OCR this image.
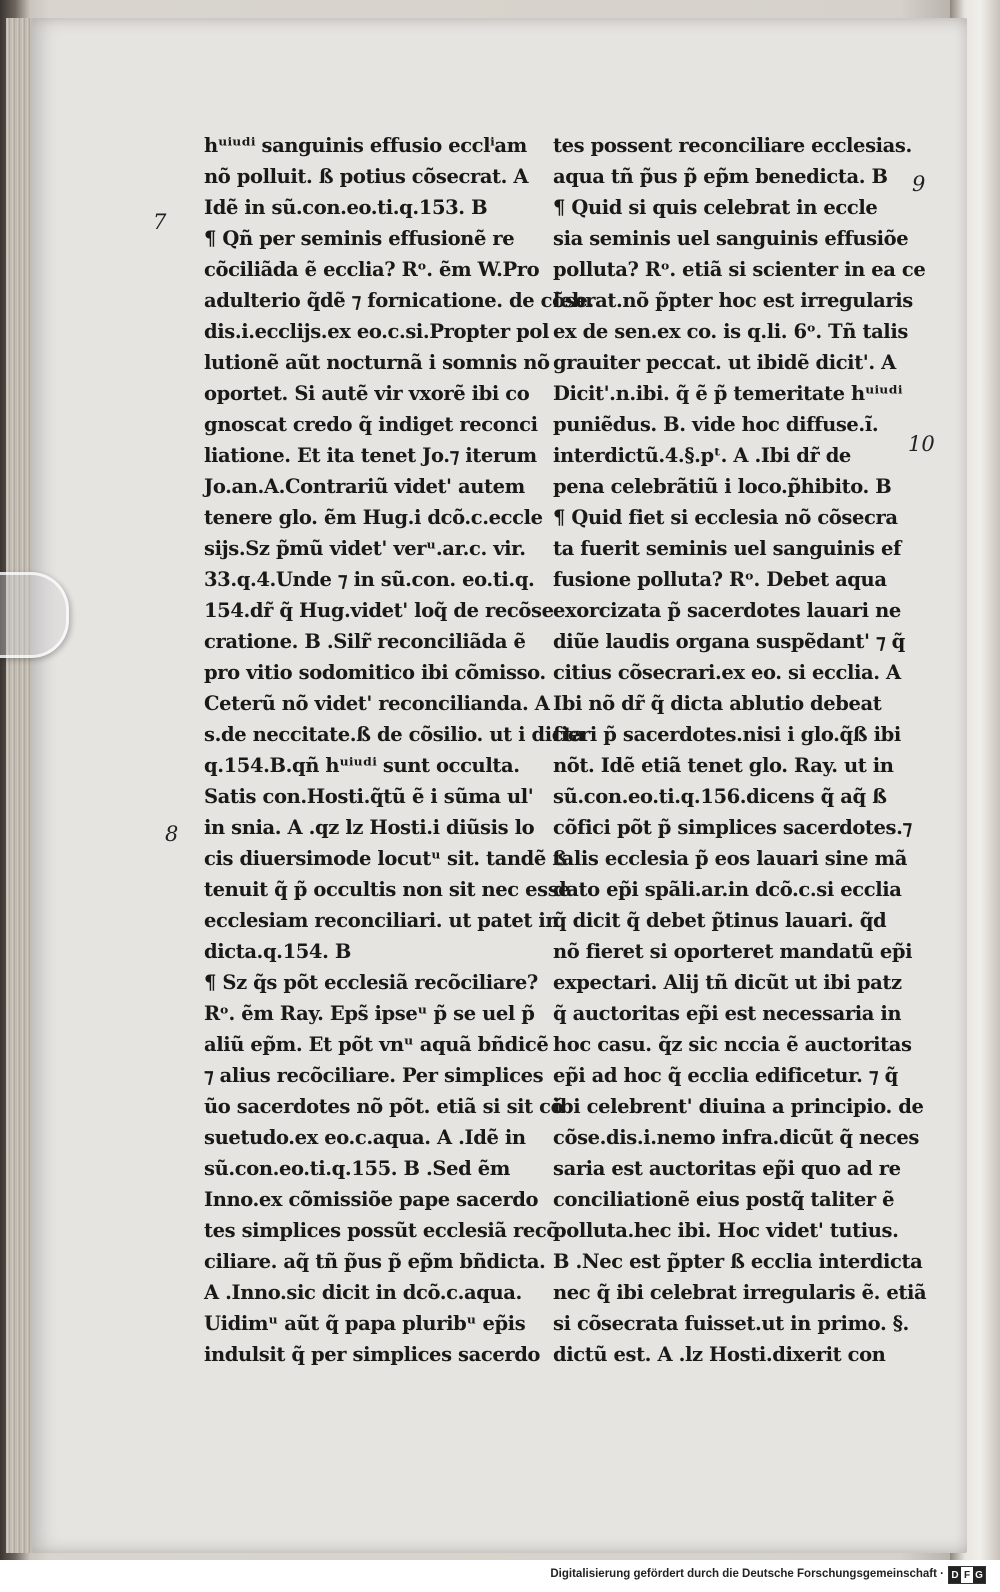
hᵘⁱᵘᵈⁱ sanguinis effusio ecclⁱam
nõ polluit. ß potius cõsecrat. A
Idẽ in sũ.con.eo.ti.q.153. B
¶ Qñ per seminis effusionẽ re
cõciliãda ẽ ecclia? Rᵒ. ẽm W.Pro
adulterio q̃dẽ ⁊ fornicatione. de cõse.
dis.i.ecclijs.ex eo.c.si.Propter pol
lutionẽ aũt nocturnã i somnis nõ
oportet. Si autẽ vir vxorẽ ibi co
gnoscat credo q̃ indiget reconci
liatione. Et ita tenet Jo.⁊ iterum
Jo.an.A.Contrariũ videt' autem
tenere glo. ẽm Hug.i dcõ.c.eccle
sijs.Sz p̃mũ videt' verᵘ.ar.c. vir.
33.q.4.Unde ⁊ in sũ.con. eo.ti.q.
154.dr̃ q̃ Hug.videt' loq̃ de recõse
cratione. B .Silr̃ reconciliãda ẽ
pro vitio sodomitico ibi cõmisso.
Ceterũ nõ videt' reconcilianda. A
s.de neccitate.ß de cõsilio. ut i dicta
q.154.B.qñ hᵘⁱᵘᵈⁱ sunt occulta.
Satis con.Hosti.q̃tũ ẽ i sũma ul'
in snia. A .qz lz Hosti.i diũsis lo
cis diuersimode locutᵘ sit. tandẽ ß
tenuit q̃ p̃ occultis non sit nec esse
ecclesiam reconciliari. ut patet in
dicta.q.154. B
¶ Sz q̃s põt ecclesiã recõciliare?
Rᵒ. ẽm Ray. Eps̃ ipseᵘ p̃ se uel p̃
aliũ ep̃m. Et põt vnᵘ aquã bñdicẽ
⁊ alius recõciliare. Per simplices
ũo sacerdotes nõ põt. etiã si sit cõ
suetudo.ex eo.c.aqua. A .Idẽ in
sũ.con.eo.ti.q.155. B .Sed ẽm
Inno.ex cõmissiõe pape sacerdo
tes simplices possũt ecclesiã recõ
ciliare. aq̃ tñ p̃us p̃ ep̃m bñdicta.
A .Inno.sic dicit in dcõ.c.aqua.
Uidimᵘ aũt q̃ papa pluribᵘ ep̃is
indulsit q̃ per simplices sacerdo
tes possent reconciliare ecclesias.
aqua tñ p̃us p̃ ep̃m benedicta. B
¶ Quid si quis celebrat in eccle
sia seminis uel sanguinis effusiõe
polluta? Rᵒ. etiã si scienter in ea ce
lebrat.nõ p̃pter hoc est irregularis
ex de sen.ex co. is q.li. 6ᵒ. Tñ talis
grauiter peccat. ut ibidẽ dicit'. A
Dicit'.n.ibi. q̃ ẽ p̃ temeritate hᵘⁱᵘᵈⁱ
puniẽdus. B. vide hoc diffuse.ĩ.
interdictũ.4.§.pᵗ. A .Ibi dr̃ de
pena celebrãtiũ i loco.p̃hibito. B
¶ Quid fiet si ecclesia nõ cõsecra
ta fuerit seminis uel sanguinis ef
fusione polluta? Rᵒ. Debet aqua
exorcizata p̃ sacerdotes lauari ne
diũe laudis organa suspẽdant' ⁊ q̃
citius cõsecrari.ex eo. si ecclia. A
Ibi nõ dr̃ q̃ dicta ablutio debeat
fieri p̃ sacerdotes.nisi i glo.q̃ß ibi
nõt. Idẽ etiã tenet glo. Ray. ut in
sũ.con.eo.ti.q.156.dicens q̃ aq̃ ß
cõfici põt p̃ simplices sacerdotes.⁊
talis ecclesia p̃ eos lauari sine mã
dato ep̃i spãli.ar.in dcõ.c.si ecclia
q̃ dicit q̃ debet p̃tinus lauari. q̃d
nõ fieret si oporteret mandatũ ep̃i
expectari. Alij tñ dicũt ut ibi patz
q̃ auctoritas ep̃i est necessaria in
hoc casu. q̃z sic nccia ẽ auctoritas
ep̃i ad hoc q̃ ecclia edificetur. ⁊ q̃
ibi celebrent' diuina a principio. de
cõse.dis.i.nemo infra.dicũt q̃ neces
saria est auctoritas ep̃i quo ad re
conciliationẽ eius postq̃ taliter ẽ
polluta.hec ibi. Hoc videt' tutius.
B .Nec est p̃pter ß ecclia interdicta
nec q̃ ibi celebrat irregularis ẽ. etiã
si cõsecrata fuisset.ut in primo. §.
dictũ est. A .lz Hosti.dixerit con
7
8
9
10
Digitalisierung gefördert durch die Deutsche Forschungsgemeinschaft · D F G
